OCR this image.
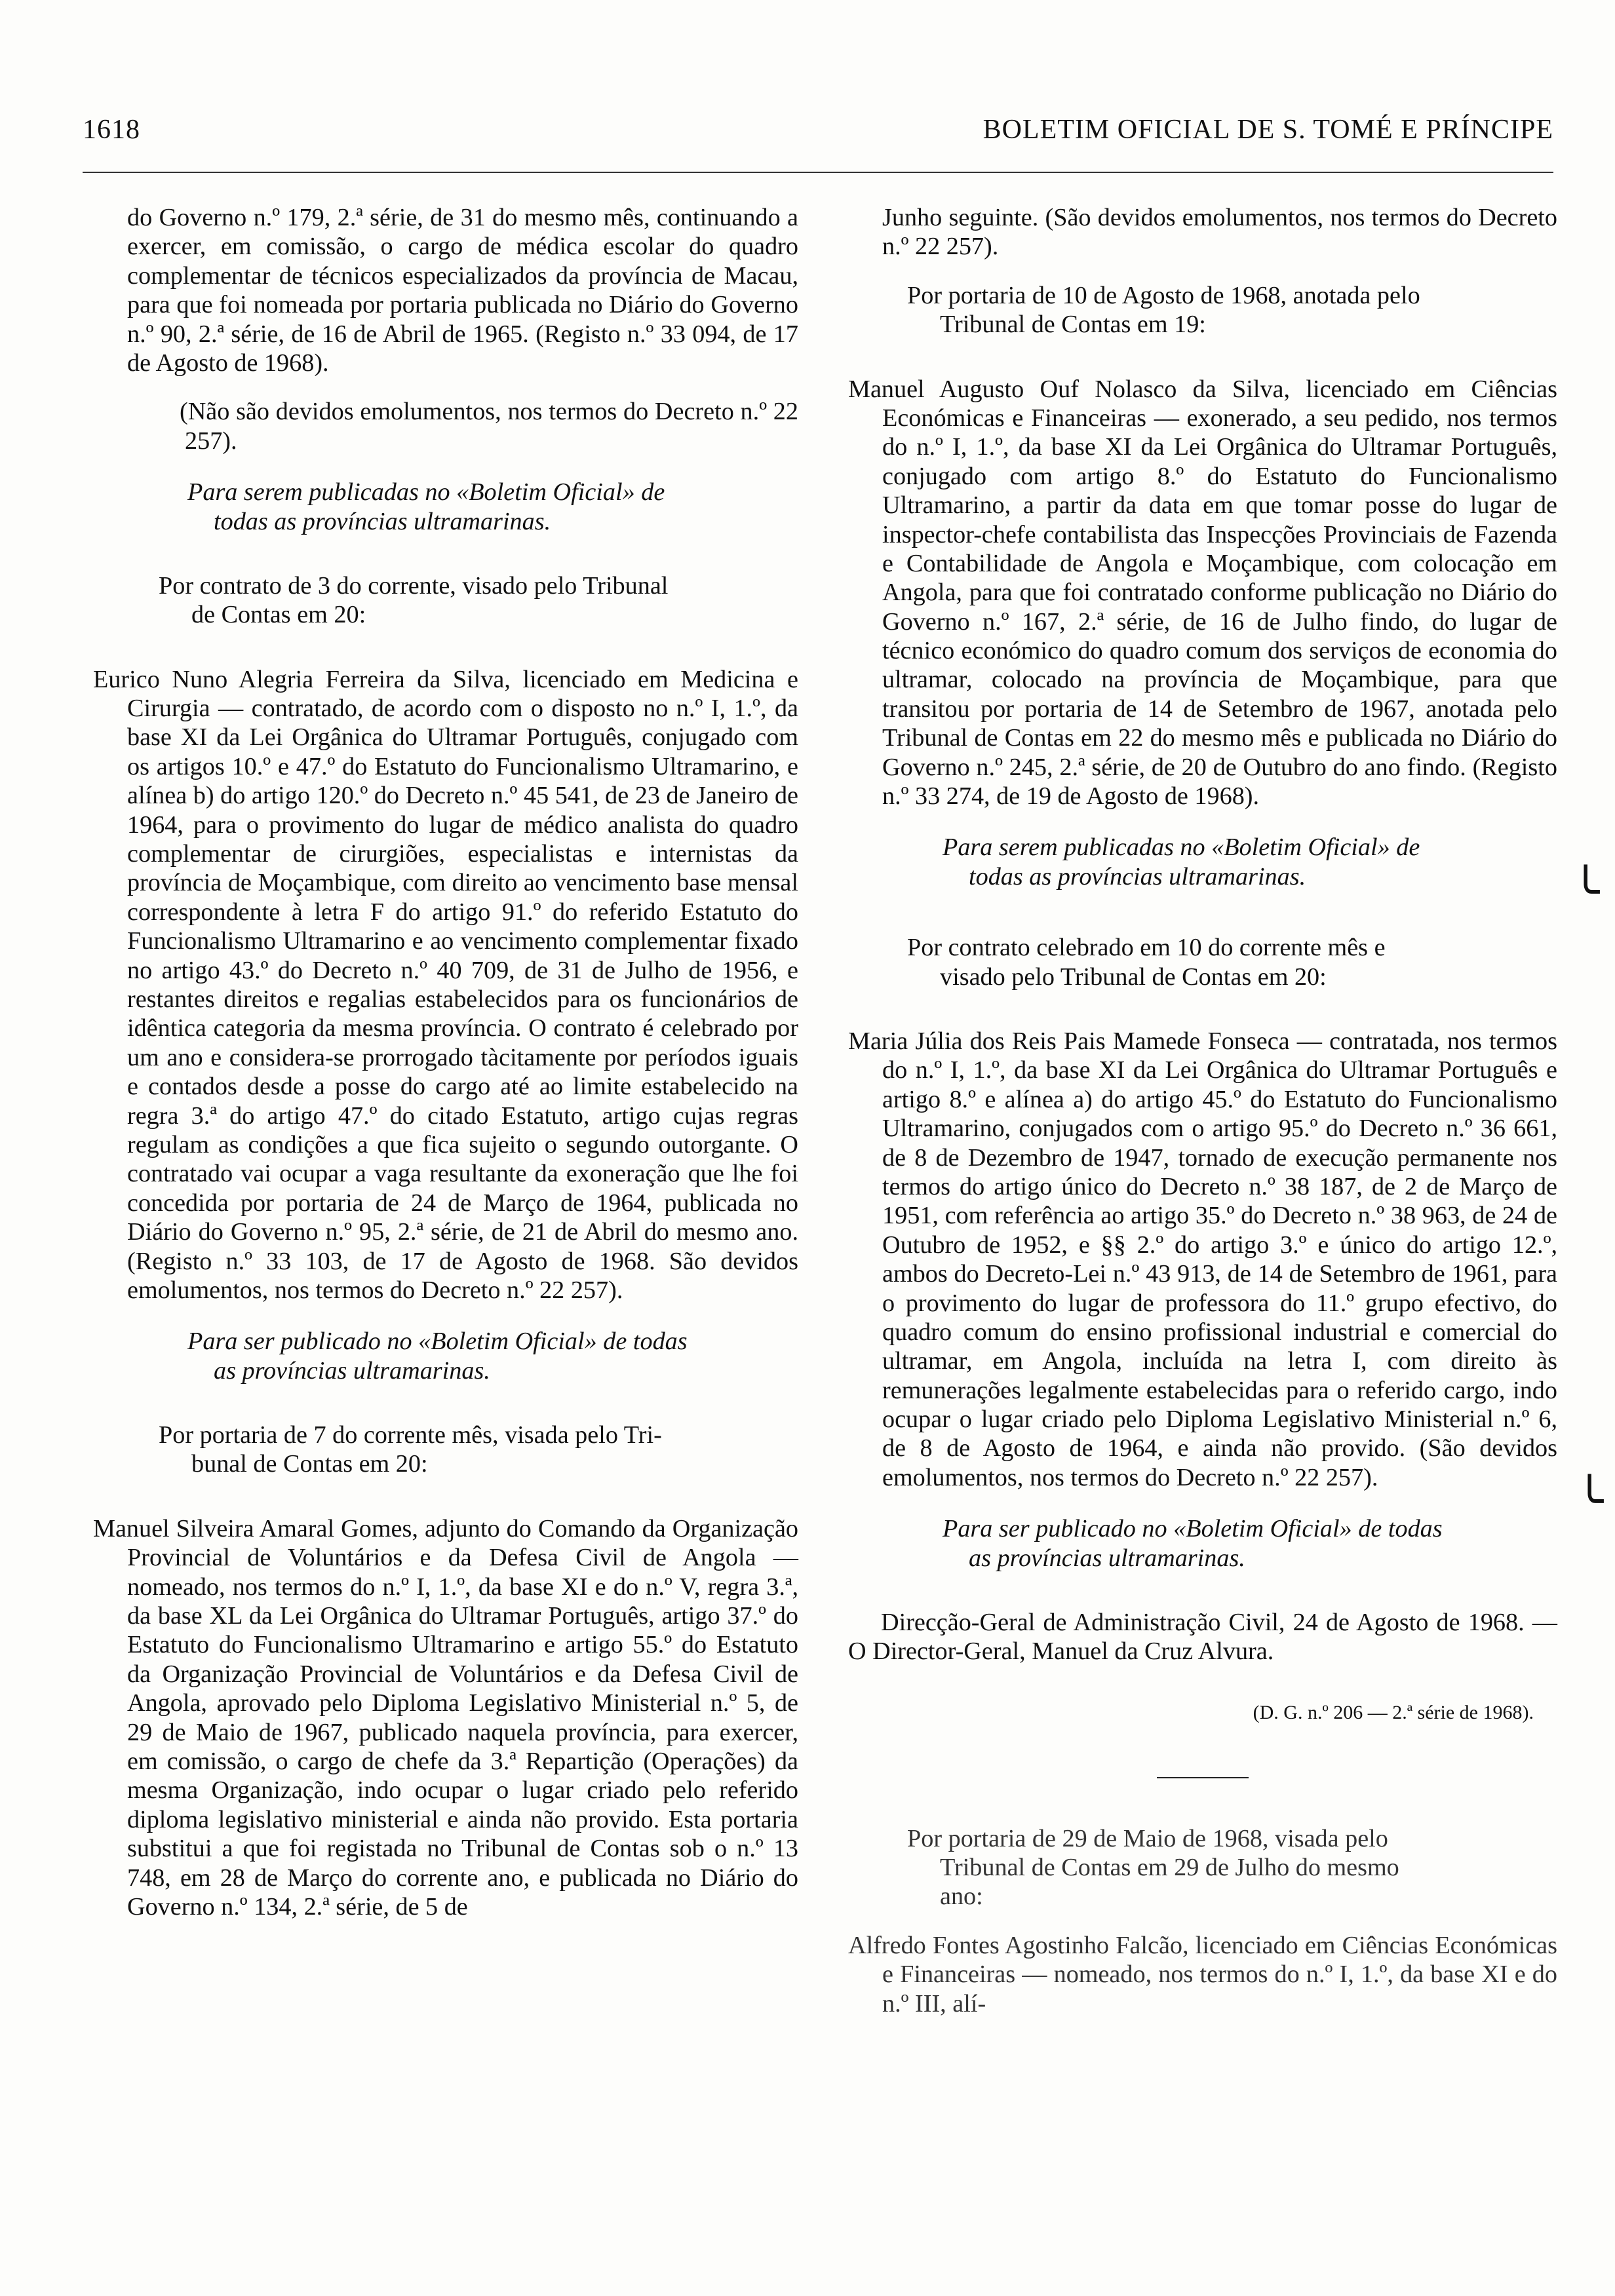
1618	BOLETIM OFICIAL DE S. TOMÉ E PRÍNCIPE

do Governo n.º 179, 2.ª série, de 31 do mesmo mês, continuando a exercer, em comissão, o cargo de médica escolar do quadro complementar de técnicos especializados da província de Macau, para que foi nomeada por portaria publicada no Diário do Governo n.º 90, 2.ª série, de 16 de Abril de 1965. (Registo n.º 33 094, de 17 de Agosto de 1968).

(Não são devidos emolumentos, nos termos do Decreto n.º 22 257).

Para serem publicadas no «Boletim Oficial» de
todas as províncias ultramarinas.

Por contrato de 3 do corrente, visado pelo Tribunal
de Contas em 20:

Eurico Nuno Alegria Ferreira da Silva, licenciado em Medicina e Cirurgia — contratado, de acordo com o disposto no n.º I, 1.º, da base XI da Lei Orgânica do Ultramar Português, conjugado com os artigos 10.º e 47.º do Estatuto do Funcionalismo Ultramarino, e alínea b) do artigo 120.º do Decreto n.º 45 541, de 23 de Janeiro de 1964, para o provimento do lugar de médico analista do quadro complementar de cirurgiões, especialistas e internistas da província de Moçambique, com direito ao vencimento base mensal correspondente à letra F do artigo 91.º do referido Estatuto do Funcionalismo Ultramarino e ao vencimento complementar fixado no artigo 43.º do Decreto n.º 40 709, de 31 de Julho de 1956, e restantes direitos e regalias estabelecidos para os funcionários de idêntica categoria da mesma província. O contrato é celebrado por um ano e considera-se prorrogado tàcitamente por períodos iguais e contados desde a posse do cargo até ao limite estabelecido na regra 3.ª do artigo 47.º do citado Estatuto, artigo cujas regras regulam as condições a que fica sujeito o segundo outorgante. O contratado vai ocupar a vaga resultante da exoneração que lhe foi concedida por portaria de 24 de Março de 1964, publicada no Diário do Governo n.º 95, 2.ª série, de 21 de Abril do mesmo ano. (Registo n.º 33 103, de 17 de Agosto de 1968. São devidos emolumentos, nos termos do Decreto n.º 22 257).

Para ser publicado no «Boletim Oficial» de todas
as províncias ultramarinas.

Por portaria de 7 do corrente mês, visada pelo Tri-
bunal de Contas em 20:

Manuel Silveira Amaral Gomes, adjunto do Comando da Organização Provincial de Voluntários e da Defesa Civil de Angola — nomeado, nos termos do n.º I, 1.º, da base XI e do n.º V, regra 3.ª, da base XL da Lei Orgânica do Ultramar Português, artigo 37.º do Estatuto do Funcionalismo Ultramarino e artigo 55.º do Estatuto da Organização Provincial de Voluntários e da Defesa Civil de Angola, aprovado pelo Diploma Legislativo Ministerial n.º 5, de 29 de Maio de 1967, publicado naquela província, para exercer, em comissão, o cargo de chefe da 3.ª Repartição (Operações) da mesma Organização, indo ocupar o lugar criado pelo referido diploma legislativo ministerial e ainda não provido. Esta portaria substitui a que foi registada no Tribunal de Contas sob o n.º 13 748, em 28 de Março do corrente ano, e publicada no Diário do Governo n.º 134, 2.ª série, de 5 de

Junho seguinte. (São devidos emolumentos, nos termos do Decreto n.º 22 257).

Por portaria de 10 de Agosto de 1968, anotada pelo
Tribunal de Contas em 19:

Manuel Augusto Ouf Nolasco da Silva, licenciado em Ciências Económicas e Financeiras — exonerado, a seu pedido, nos termos do n.º I, 1.º, da base XI da Lei Orgânica do Ultramar Português, conjugado com artigo 8.º do Estatuto do Funcionalismo Ultramarino, a partir da data em que tomar posse do lugar de inspector-chefe contabilista das Inspecções Provinciais de Fazenda e Contabilidade de Angola e Moçambique, com colocação em Angola, para que foi contratado conforme publicação no Diário do Governo n.º 167, 2.ª série, de 16 de Julho findo, do lugar de técnico económico do quadro comum dos serviços de economia do ultramar, colocado na província de Moçambique, para que transitou por portaria de 14 de Setembro de 1967, anotada pelo Tribunal de Contas em 22 do mesmo mês e publicada no Diário do Governo n.º 245, 2.ª série, de 20 de Outubro do ano findo. (Registo n.º 33 274, de 19 de Agosto de 1968).

Para serem publicadas no «Boletim Oficial» de
todas as províncias ultramarinas.

Por contrato celebrado em 10 do corrente mês e
visado pelo Tribunal de Contas em 20:

Maria Júlia dos Reis Pais Mamede Fonseca — contratada, nos termos do n.º I, 1.º, da base XI da Lei Orgânica do Ultramar Português e artigo 8.º e alínea a) do artigo 45.º do Estatuto do Funcionalismo Ultramarino, conjugados com o artigo 95.º do Decreto n.º 36 661, de 8 de Dezembro de 1947, tornado de execução permanente nos termos do artigo único do Decreto n.º 38 187, de 2 de Março de 1951, com referência ao artigo 35.º do Decreto n.º 38 963, de 24 de Outubro de 1952, e §§ 2.º do artigo 3.º e único do artigo 12.º, ambos do Decreto-Lei n.º 43 913, de 14 de Setembro de 1961, para o provimento do lugar de professora do 11.º grupo efectivo, do quadro comum do ensino profissional industrial e comercial do ultramar, em Angola, incluída na letra I, com direito às remunerações legalmente estabelecidas para o referido cargo, indo ocupar o lugar criado pelo Diploma Legislativo Ministerial n.º 6, de 8 de Agosto de 1964, e ainda não provido. (São devidos emolumentos, nos termos do Decreto n.º 22 257).

Para ser publicado no «Boletim Oficial» de todas
as províncias ultramarinas.

Direcção-Geral de Administração Civil, 24 de Agosto de 1968. — O Director-Geral, Manuel da Cruz Alvura.

(D. G. n.º 206 — 2.ª série de 1968).

Por portaria de 29 de Maio de 1968, visada pelo
Tribunal de Contas em 29 de Julho do mesmo
ano:

Alfredo Fontes Agostinho Falcão, licenciado em Ciências Económicas e Financeiras — nomeado, nos termos do n.º I, 1.º, da base XI e do n.º III, alí-

╰
╰
